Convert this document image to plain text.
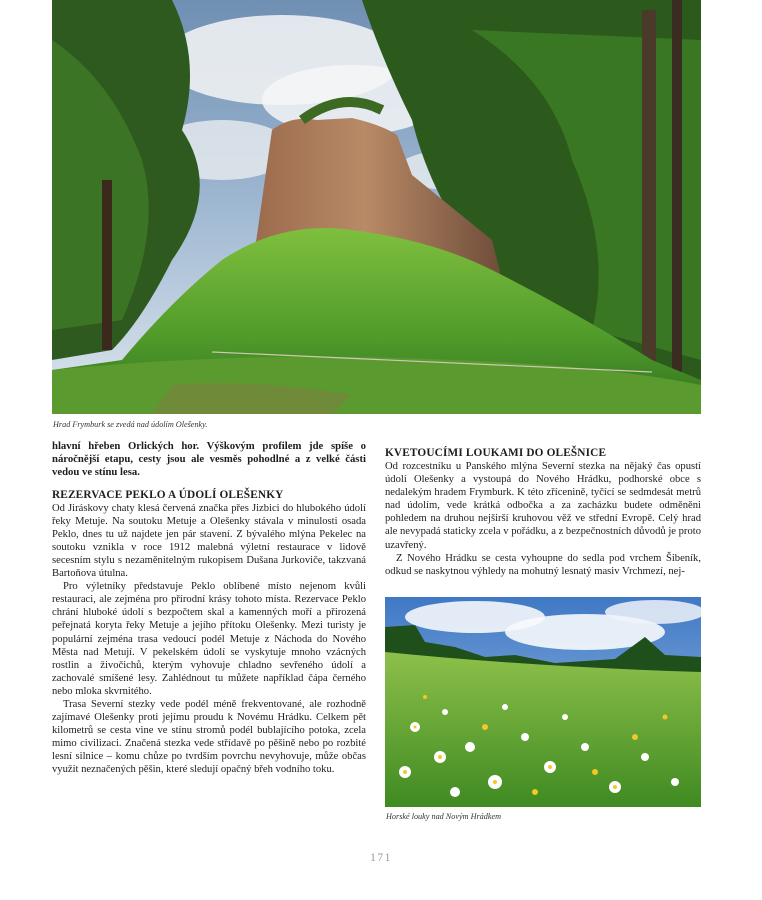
Hrad Frymburk se zvedá nad údolím Olešenky.

hlavní hřeben Orlických hor. Výškovým profilem jde spíše o náročnější etapu, cesty jsou ale vesměs pohodlné a z velké části vedou ve stínu lesa.

REZERVACE PEKLO A ÚDOLÍ OLEŠENKY

Od Jiráskovy chaty klesá červená značka přes Jizbici do hlubokého údolí řeky Metuje. Na soutoku Metuje a Olešenky stávala v minulosti osada Peklo, dnes tu už najdete jen pár stavení. Z bývalého mlýna Pekelec na soutoku vznikla v roce 1912 malebná výletní restaurace v lidově secesním stylu s nezaměnitelným rukopisem Dušana Jurkoviče, takzvaná Bartoňova útulna.

Pro výletníky představuje Peklo oblíbené místo nejenom kvůli restauraci, ale zejména pro přírodní krásy tohoto místa. Rezervace Peklo chrání hluboké údolí s bezpočtem skal a kamenných moří a přirozená peřejnatá koryta řeky Metuje a jejího přítoku Olešenky. Mezi turisty je populární zejména trasa vedoucí podél Metuje z Náchoda do Nového Města nad Metují. V pekelském údolí se vyskytuje mnoho vzácných rostlin a živočichů, kterým vyhovuje chladno sevřeného údolí a zachovalé smíšené lesy. Zahlédnout tu můžete například čápa černého nebo mloka skvrnitého.

Trasa Severní stezky vede podél méně frekventované, ale rozhodně zajímavé Olešenky proti jejímu proudu k Novému Hrádku. Celkem pět kilometrů se cesta vine ve stínu stromů podél bublajícího potoka, zcela mimo civilizaci. Značená stezka vede střídavě po pěšině nebo po rozbité lesní silnice – komu chůze po tvrdším povrchu nevyhovuje, může občas využít neznačených pěšin, které sledují opačný břeh vodního toku.

KVETOUCÍMI LOUKAMI DO OLEŠNICE

Od rozcestníku u Panského mlýna Severní stezka na nějaký čas opustí údolí Olešenky a vystoupá do Nového Hrádku, podhorské obce s nedalekým hradem Frymburk. K této zřícenině, tyčící se sedmdesát metrů nad údolím, vede krátká odbočka a za zacházku budete odměněni pohledem na druhou nejširší kruhovou věž ve střední Evropě. Celý hrad ale nevypadá staticky zcela v pořádku, a z bezpečnostních důvodů je proto uzavřený.

Z Nového Hrádku se cesta vyhoupne do sedla pod vrchem Šibeník, odkud se naskytnou výhledy na mohutný lesnatý masiv Vrchmezí, nej-

Horské louky nad Novým Hrádkem
171
